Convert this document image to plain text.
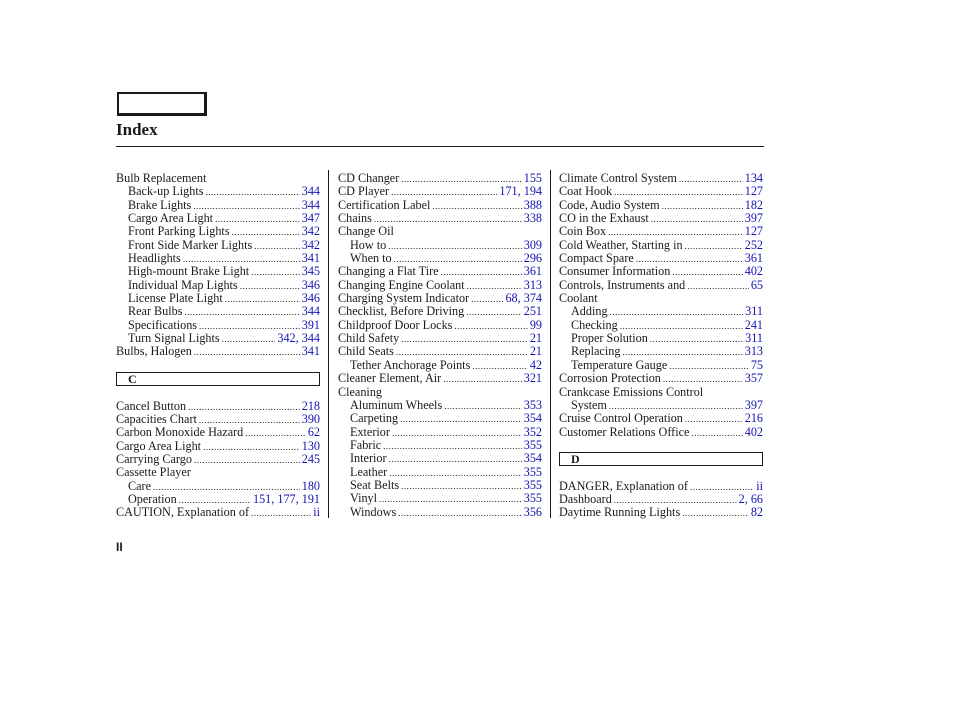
Index
Bulb Replacement
Back-up Lights .....	344
Brake Lights .....	344
Cargo Area Light .....	347
Front Parking Lights .....	342
Front Side Marker Lights .....	342
Headlights .....	341
High-mount Brake Light .....	345
Individual Map Lights .....	346
License Plate Light .....	346
Rear Bulbs .....	344
Specifications .....	391
Turn Signal Lights .....	342, 344
Bulbs, Halogen .....	341
C
Cancel Button .....	218
Capacities Chart .....	390
Carbon Monoxide Hazard .....	62
Cargo Area Light .....	130
Carrying Cargo .....	245
Cassette Player
Care .....	180
Operation .....	151, 177, 191
CAUTION, Explanation of .....	ii
CD Changer .....	155
CD Player .....	171, 194
Certification Label .....	388
Chains .....	338
Change Oil
How to .....	309
When to .....	296
Changing a Flat Tire .....	361
Changing Engine Coolant .....	313
Charging System Indicator .....	68, 374
Checklist, Before Driving .....	251
Childproof Door Locks .....	99
Child Safety .....	21
Child Seats .....	21
Tether Anchorage Points .....	42
Cleaner Element, Air .....	321
Cleaning
Aluminum Wheels .....	353
Carpeting .....	354
Exterior .....	352
Fabric .....	355
Interior .....	354
Leather .....	355
Seat Belts .....	355
Vinyl .....	355
Windows .....	356
Climate Control System .....	134
Coat Hook .....	127
Code, Audio System .....	182
CO in the Exhaust .....	397
Coin Box .....	127
Cold Weather, Starting in .....	252
Compact Spare .....	361
Consumer Information .....	402
Controls, Instruments and .....	65
Coolant
Adding .....	311
Checking .....	241
Proper Solution .....	311
Replacing .....	313
Temperature Gauge .....	75
Corrosion Protection .....	357
Crankcase Emissions Control
System .....	397
Cruise Control Operation .....	216
Customer Relations Office .....	402
D
DANGER, Explanation of .....	ii
Dashboard .....	2, 66
Daytime Running Lights .....	82
II
